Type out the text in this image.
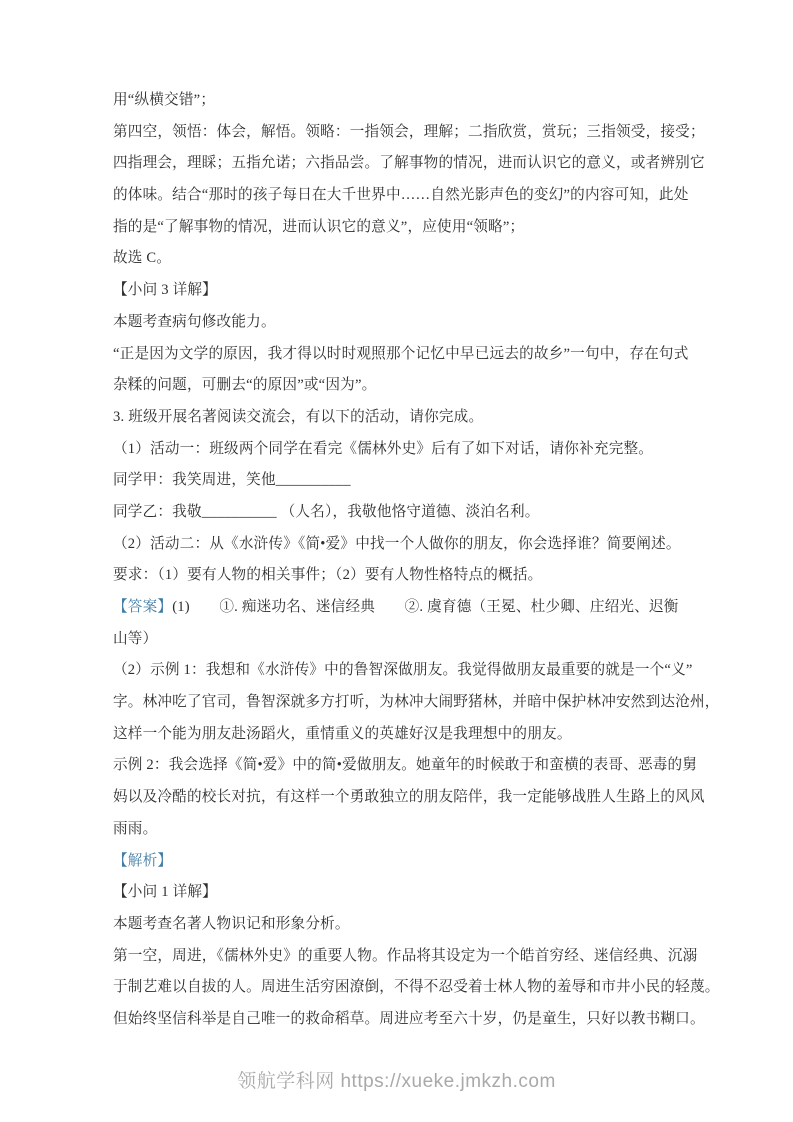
用“纵横交错”；
第四空，领悟：体会，解悟。领略：一指领会，理解；二指欣赏，赏玩；三指领受，接受；
四指理会，理睬；五指允诺；六指品尝。了解事物的情况，进而认识它的意义，或者辨别它
的体味。结合“那时的孩子每日在大千世界中……自然光影声色的变幻”的内容可知，此处
指的是“了解事物的情况，进而认识它的意义”，应使用“领略”；
故选 C。
【小问 3 详解】
本题考查病句修改能力。
“正是因为文学的原因，我才得以时时观照那个记忆中早已远去的故乡”一句中，存在句式
杂糅的问题，可删去“的原因”或“因为”。
3. 班级开展名著阅读交流会，有以下的活动，请你完成。
（1）活动一：班级两个同学在看完《儒林外史》后有了如下对话，请你补充完整。
同学甲：我笑周进，笑他__________
同学乙：我敬__________ （人名），我敬他恪守道德、淡泊名利。
（2）活动二：从《水浒传》《简•爱》中找一个人做你的朋友，你会选择谁？简要阐述。
要求：（1）要有人物的相关事件；（2）要有人物性格特点的概括。
【答案】(1)　　①. 痴迷功名、迷信经典　　②. 虞育德（王冕、杜少卿、庄绍光、迟衡
山等）
（2）示例 1：我想和《水浒传》中的鲁智深做朋友。我觉得做朋友最重要的就是一个“义”
字。林冲吃了官司，鲁智深就多方打听，为林冲大闹野猪林，并暗中保护林冲安然到达沧州，
这样一个能为朋友赴汤蹈火，重情重义的英雄好汉是我理想中的朋友。
示例 2：我会选择《简•爱》中的简•爱做朋友。她童年的时候敢于和蛮横的表哥、恶毒的舅
妈以及冷酷的校长对抗，有这样一个勇敢独立的朋友陪伴，我一定能够战胜人生路上的风风
雨雨。
【解析】
【小问 1 详解】
本题考查名著人物识记和形象分析。
第一空，周进，《儒林外史》的重要人物。作品将其设定为一个皓首穷经、迷信经典、沉溺
于制艺难以自拔的人。周进生活穷困潦倒，不得不忍受着士林人物的羞辱和市井小民的轻蔑。
但始终坚信科举是自己唯一的救命稻草。周进应考至六十岁，仍是童生，只好以教书糊口。
领航学科网 https://xueke.jmkzh.com
